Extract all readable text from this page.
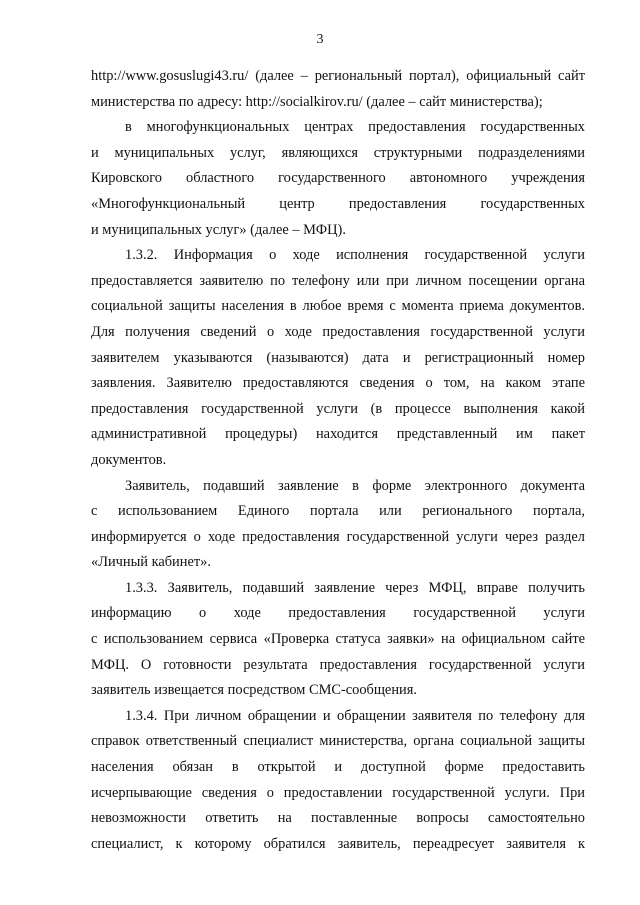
3
http://www.gosuslugi43.ru/ (далее – региональный портал), официальный сайт
министерства по адресу: http://socialkirov.ru/ (далее – сайт министерства);
в многофункциональных центрах предоставления государственных
и муниципальных услуг, являющихся структурными подразделениями
Кировского областного государственного автономного учреждения
«Многофункциональный центр предоставления государственных
и муниципальных услуг» (далее – МФЦ).
1.3.2. Информация о ходе исполнения государственной услуги
предоставляется заявителю по телефону или при личном посещении органа
социальной защиты населения в любое время с момента приема документов.
Для получения сведений о ходе предоставления государственной услуги
заявителем указываются (называются) дата и регистрационный номер
заявления. Заявителю предоставляются сведения о том, на каком этапе
предоставления государственной услуги (в процессе выполнения какой
административной процедуры) находится представленный им пакет
документов.
Заявитель, подавший заявление в форме электронного документа
с использованием Единого портала или регионального портала,
информируется о ходе предоставления государственной услуги через раздел
«Личный кабинет».
1.3.3. Заявитель, подавший заявление через МФЦ, вправе получить
информацию о ходе предоставления государственной услуги
с использованием сервиса «Проверка статуса заявки» на официальном сайте
МФЦ. О готовности результата предоставления государственной услуги
заявитель извещается посредством СМС-сообщения.
1.3.4. При личном обращении и обращении заявителя по телефону для
справок ответственный специалист министерства, органа социальной защиты
населения обязан в открытой и доступной форме предоставить
исчерпывающие сведения о предоставлении государственной услуги. При
невозможности ответить на поставленные вопросы самостоятельно
специалист, к которому обратился заявитель, переадресует заявителя к
